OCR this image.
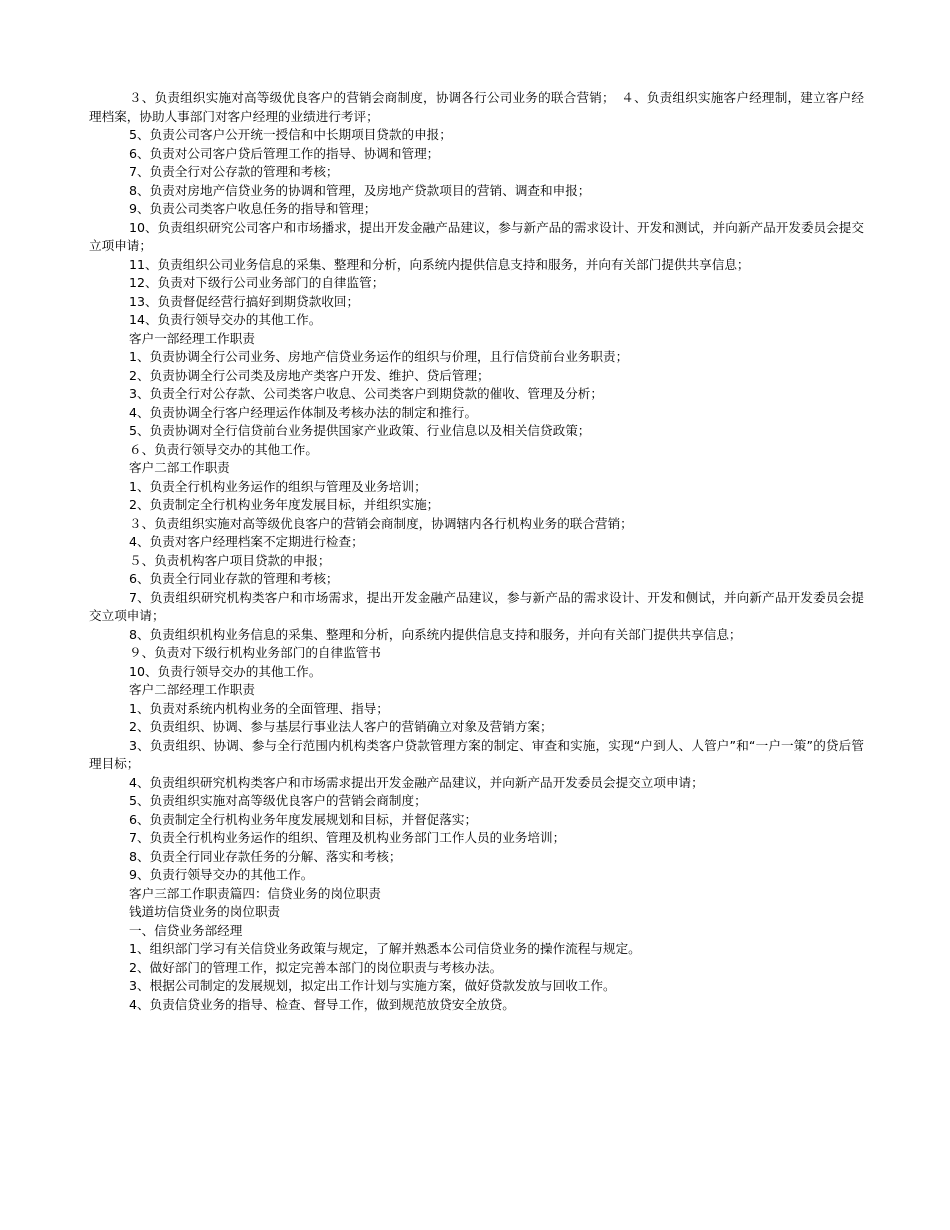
３、负责组织实施对高等级优良客户的营销会商制度，协调各行公司业务的联合营销；　４、负责组织实施客户经理制，建立客户经理档案，协助人事部门对客户经理的业绩进行考评；

5、负责公司客户公开统一授信和中长期项目贷款的申报；

6、负责对公司客户贷后管理工作的指导、协调和管理；

7、负责全行对公存款的管理和考核；

8、负责对房地产信贷业务的协调和管理，及房地产贷款项目的营销、调查和申报；

9、负责公司类客户收息任务的指导和管理；

10、负责组织研究公司客户和市场播求，提出开发金融产品建议，参与新产品的需求设计、开发和测试，并向新产品开发委员会提交立项申请；

11、负责组织公司业务信息的采集、整理和分析，向系统内提供信息支持和服务，并向有关部门提供共享信息；

12、负责对下级行公司业务部门的自律监管；

13、负责督促经营行搞好到期贷款收回；

14、负责行领导交办的其他工作。

客户一部经理工作职责

1、负责协调全行公司业务、房地产信贷业务运作的组织与价理，且行信贷前台业务职责；

2、负责协调全行公司类及房地产类客户开发、维护、贷后管理；

3、负责全行对公存款、公司类客户收息、公司类客户到期贷款的催收、管理及分析；

4、负责协调全行客户经理运作体制及考核办法的制定和推行。

5、负责协调对全行信贷前台业务提供国家产业政策、行业信息以及相关信贷政策；

６、负责行领导交办的其他工作。

客户二部工作职责

1、负责全行机构业务运作的组织与管理及业务培训；

2、负责制定全行机构业务年度发展目标，并组织实施；

３、负责组织实施对高等级优良客户的营销会商制度，协调辖内各行机构业务的联合营销；

4、负责对客户经理档案不定期进行检查；

５、负责机构客户项目贷款的申报；

6、负责全行同业存款的管理和考核；

7、负责组织研究机构类客户和市场需求，提出开发金融产品建议，参与新产品的需求设计、开发和侧试，并向新产品开发委员会提交立项申请；

8、负责组织机构业务信息的采集、整理和分析，向系统内提供信息支持和服务，并向有关部门提供共享信息；

９、负责对下级行机构业务部门的自律监管书

10、负责行领导交办的其他工作。

客户二部经理工作职责

1、负责对系统内机构业务的全面管理、指导；

2、负责组织、协调、参与基层行事业法人客户的营销确立对象及营销方案；

3、负责组织、协调、参与全行范围内机构类客户贷款管理方案的制定、审查和实施，实现“户到人、人管户”和“一户一策”的贷后管理目标；

4、负责组织研究机构类客户和市场需求提出开发金融产品建议，并向新产品开发委员会提交立项申请；

5、负责组织实施对高等级优良客户的营销会商制度；

6、负责制定全行机构业务年度发展规划和目标，并督促落实；

7、负责全行机构业务运作的组织、管理及机构业务部门工作人员的业务培训；

8、负责全行同业存款任务的分解、落实和考核；

9、负责行领导交办的其他工作。

客户三部工作职责篇四：信贷业务的岗位职责

钱道坊信贷业务的岗位职责

一、信贷业务部经理

1、组织部门学习有关信贷业务政策与规定，了解并熟悉本公司信贷业务的操作流程与规定。

2、做好部门的管理工作，拟定完善本部门的岗位职责与考核办法。

3、根据公司制定的发展规划，拟定出工作计划与实施方案，做好贷款发放与回收工作。

4、负责信贷业务的指导、检查、督导工作，做到规范放贷安全放贷。
